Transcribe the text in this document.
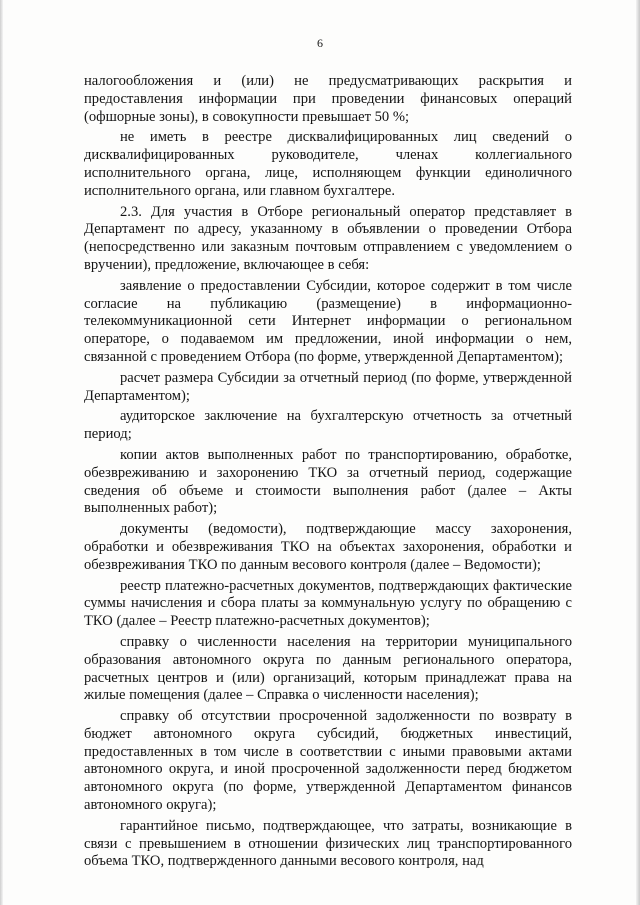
6

налогообложения и (или) не предусматривающих раскрытия и предоставления информации при проведении финансовых операций (офшорные зоны), в совокупности превышает 50 %;

не иметь в реестре дисквалифицированных лиц сведений о дисквалифицированных руководителе, членах коллегиального исполнительного органа, лице, исполняющем функции единоличного исполнительного органа, или главном бухгалтере.

2.3. Для участия в Отборе региональный оператор представляет в Департамент по адресу, указанному в объявлении о проведении Отбора (непосредственно или заказным почтовым отправлением с уведомлением о вручении), предложение, включающее в себя:

заявление о предоставлении Субсидии, которое содержит в том числе согласие на публикацию (размещение) в информационно-телекоммуникационной сети Интернет информации о региональном операторе, о подаваемом им предложении, иной информации о нем, связанной с проведением Отбора (по форме, утвержденной Департаментом);

расчет размера Субсидии за отчетный период (по форме, утвержденной Департаментом);

аудиторское заключение на бухгалтерскую отчетность за отчетный период;

копии актов выполненных работ по транспортированию, обработке, обезвреживанию и захоронению ТКО за отчетный период, содержащие сведения об объеме и стоимости выполнения работ (далее – Акты выполненных работ);

документы (ведомости), подтверждающие массу захоронения, обработки и обезвреживания ТКО на объектах захоронения, обработки и обезвреживания ТКО по данным весового контроля (далее – Ведомости);

реестр платежно-расчетных документов, подтверждающих фактические суммы начисления и сбора платы за коммунальную услугу по обращению с ТКО (далее – Реестр платежно-расчетных документов);

справку о численности населения на территории муниципального образования автономного округа по данным регионального оператора, расчетных центров и (или) организаций, которым принадлежат права на жилые помещения (далее – Справка о численности населения);

справку об отсутствии просроченной задолженности по возврату в бюджет автономного округа субсидий, бюджетных инвестиций, предоставленных в том числе в соответствии с иными правовыми актами автономного округа, и иной просроченной задолженности перед бюджетом автономного округа (по форме, утвержденной Департаментом финансов автономного округа);

гарантийное письмо, подтверждающее, что затраты, возникающие в связи с превышением в отношении физических лиц транспортированного объема ТКО, подтвержденного данными весового контроля, над
